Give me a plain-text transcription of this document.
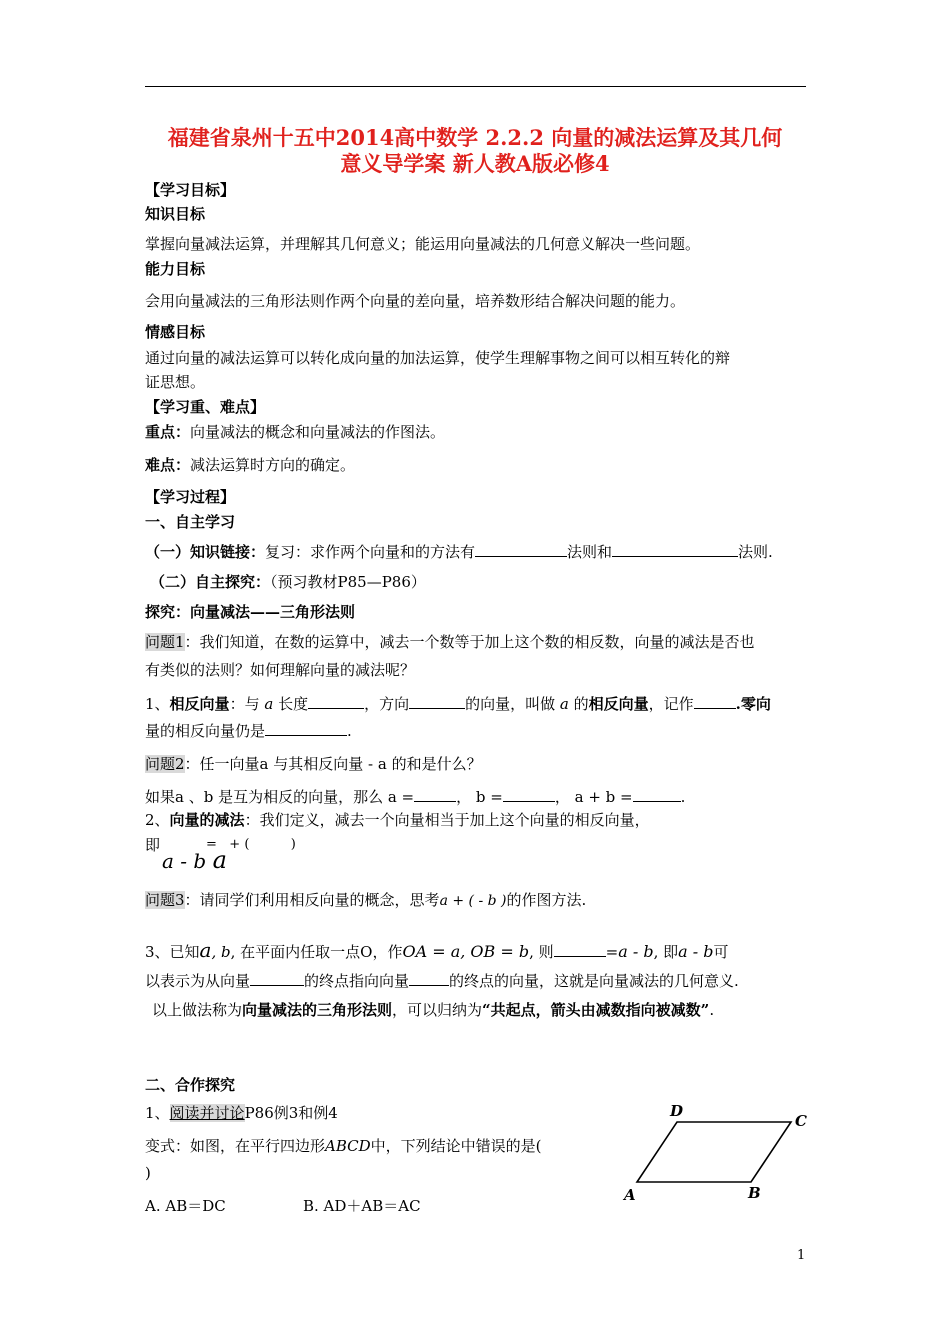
福建省泉州十五中2014高中数学 2.2.2 向量的减法运算及其几何
意义导学案 新人教A版必修4
【学习目标】
知识目标
掌握向量减法运算，并理解其几何意义；能运用向量减法的几何意义解决一些问题。
能力目标
会用向量减法的三角形法则作两个向量的差向量，培养数形结合解决问题的能力。
情感目标
通过向量的减法运算可以转化成向量的加法运算，使学生理解事物之间可以相互转化的辩
证思想。
【学习重、难点】
重点：向量减法的概念和向量减法的作图法。
难点：减法运算时方向的确定。
【学习过程】
一、自主学习
（一）知识链接：复习：求作两个向量和的方法有	法则和	法则.
（二）自主探究：（预习教材P85—P86）
探究：向量减法——三角形法则
问题1：我们知道，在数的运算中，减去一个数等于加上这个数的相反数，向量的减法是否也
有类似的法则？如何理解向量的减法呢？
1、相反向量：与 a 长度	，方向	的向量，叫做 a 的相反向量，记作	.零向
量的相反向量仍是	.
问题2：任一向量a 与其相反向量 - a 的和是什么？
如果a 、b 是互为相反的向量，那么 a =	， b =	， a + b =	.
2、向量的减法：我们定义，减去一个向量相当于加上这个向量的相反向量，
即	=   + (          )
a - b a
问题3：请同学们利用相反向量的概念，思考a + ( - b )的作图方法.
3、已知a, b, 在平面内任取一点O，作OA = a, OB = b, 则	=a - b, 即a - b可
以表示为从向量	的终点指向向量	的终点的向量，这就是向量减法的几何意义.
以上做法称为向量减法的三角形法则，可以归纳为“共起点，箭头由减数指向被减数”.
二、合作探究
1、阅读并讨论P86例3和例4
变式：如图，在平行四边形ABCD中，下列结论中错误的是(
)
A. AB＝DC	B. AD＋AB＝AC
A	B
C
D
1
